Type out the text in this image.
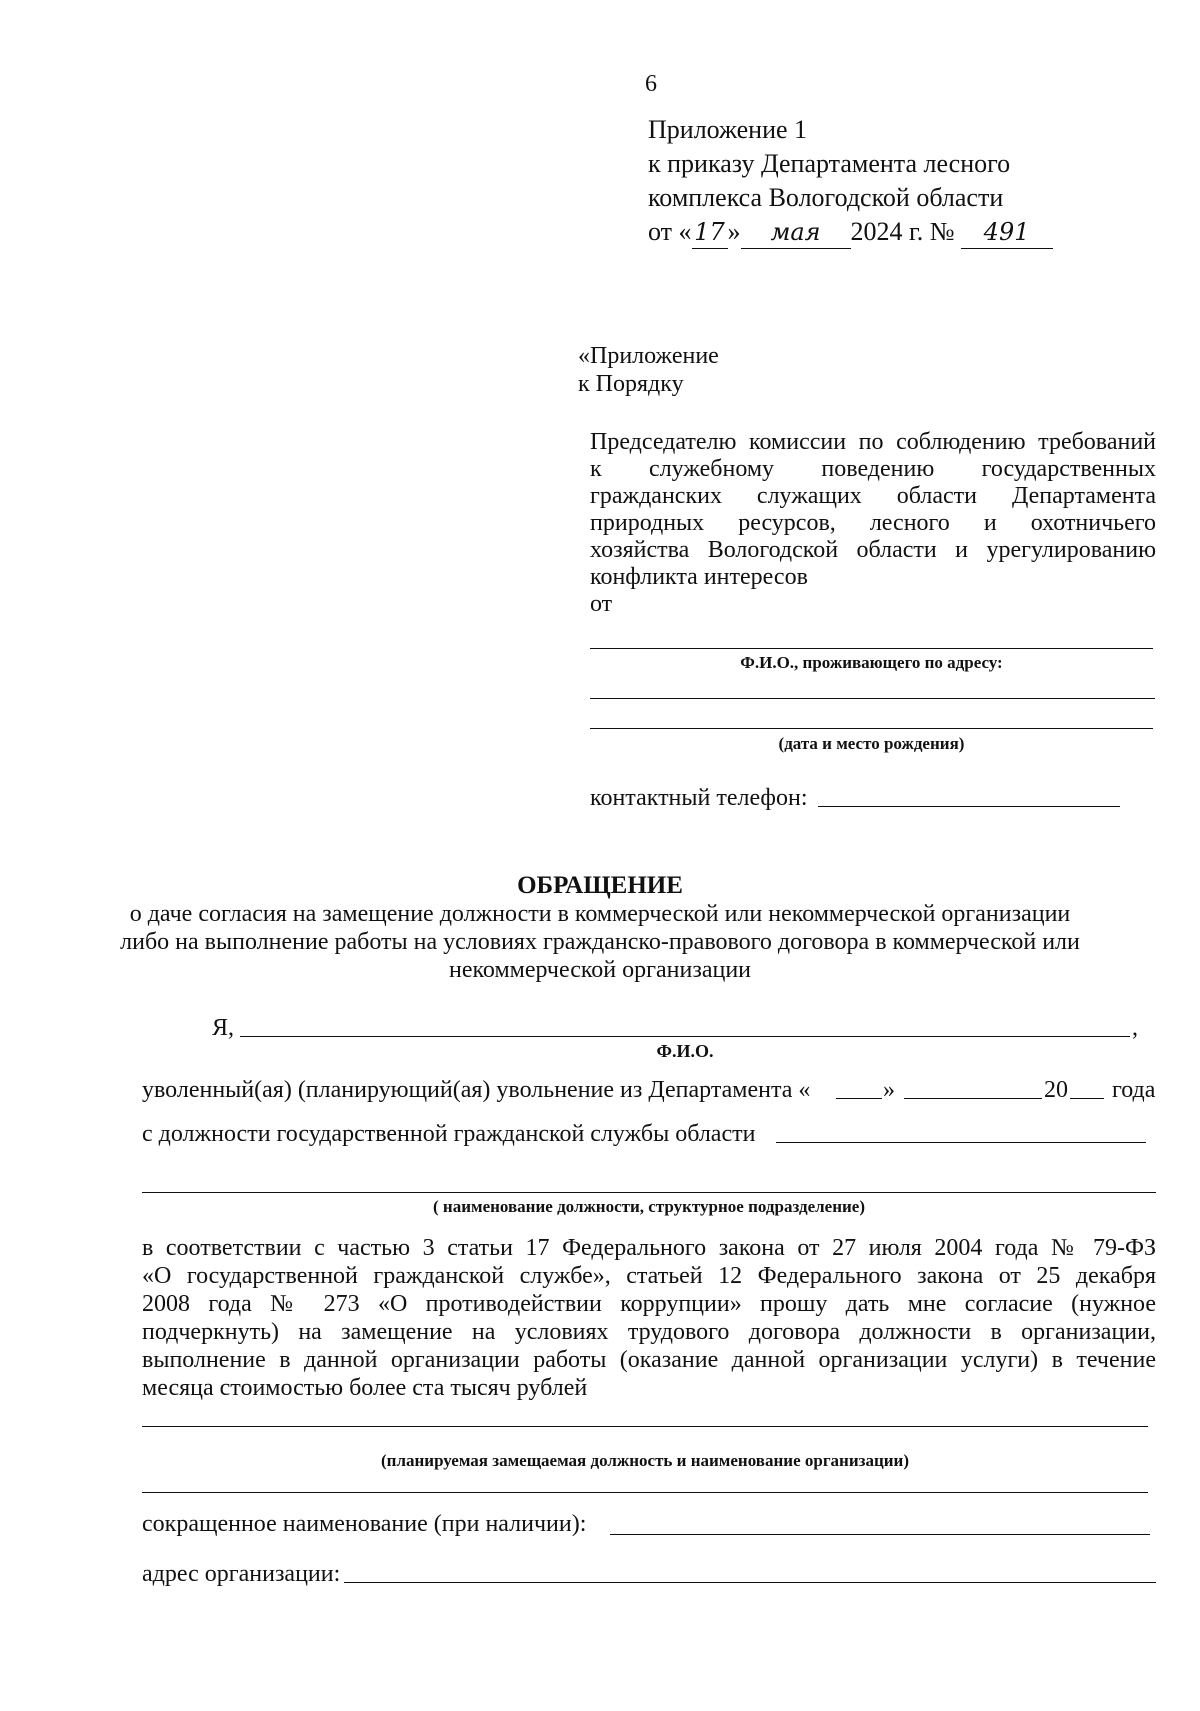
6
Приложение 1
к приказу Департамента лесного
комплекса Вологодской области
от « 17 » мая 2024 г. № 491
«Приложение
к Порядку
Председателю комиссии по соблюдению требований
к служебному поведению государственных
гражданских служащих области Департамента
природных ресурсов, лесного и охотничьего
хозяйства Вологодской области и урегулированию
конфликта интересов
от
Ф.И.О., проживающего по адресу:
(дата и место рождения)
контактный телефон:
ОБРАЩЕНИЕ
о даче согласия на замещение должности в коммерческой или некоммерческой организации
либо на выполнение работы на условиях гражданско-правового договора в коммерческой или
некоммерческой организации
Я,	,
Ф.И.О.
уволенный(ая) (планирующий(ая) увольнение из Департамента «	»	20 года
с должности государственной гражданской службы области
( наименование должности, структурное подразделение)
в соответствии с частью 3 статьи 17 Федерального закона от 27 июля 2004 года № 79-ФЗ
«О государственной гражданской службе», статьей 12 Федерального закона от 25 декабря
2008 года № 273 «О противодействии коррупции» прошу дать мне согласие (нужное
подчеркнуть) на замещение на условиях трудового договора должности в организации,
выполнение в данной организации работы (оказание данной организации услуги) в течение
месяца стоимостью более ста тысяч рублей
(планируемая замещаемая должность и наименование организации)
сокращенное наименование (при наличии):
адрес организации:
